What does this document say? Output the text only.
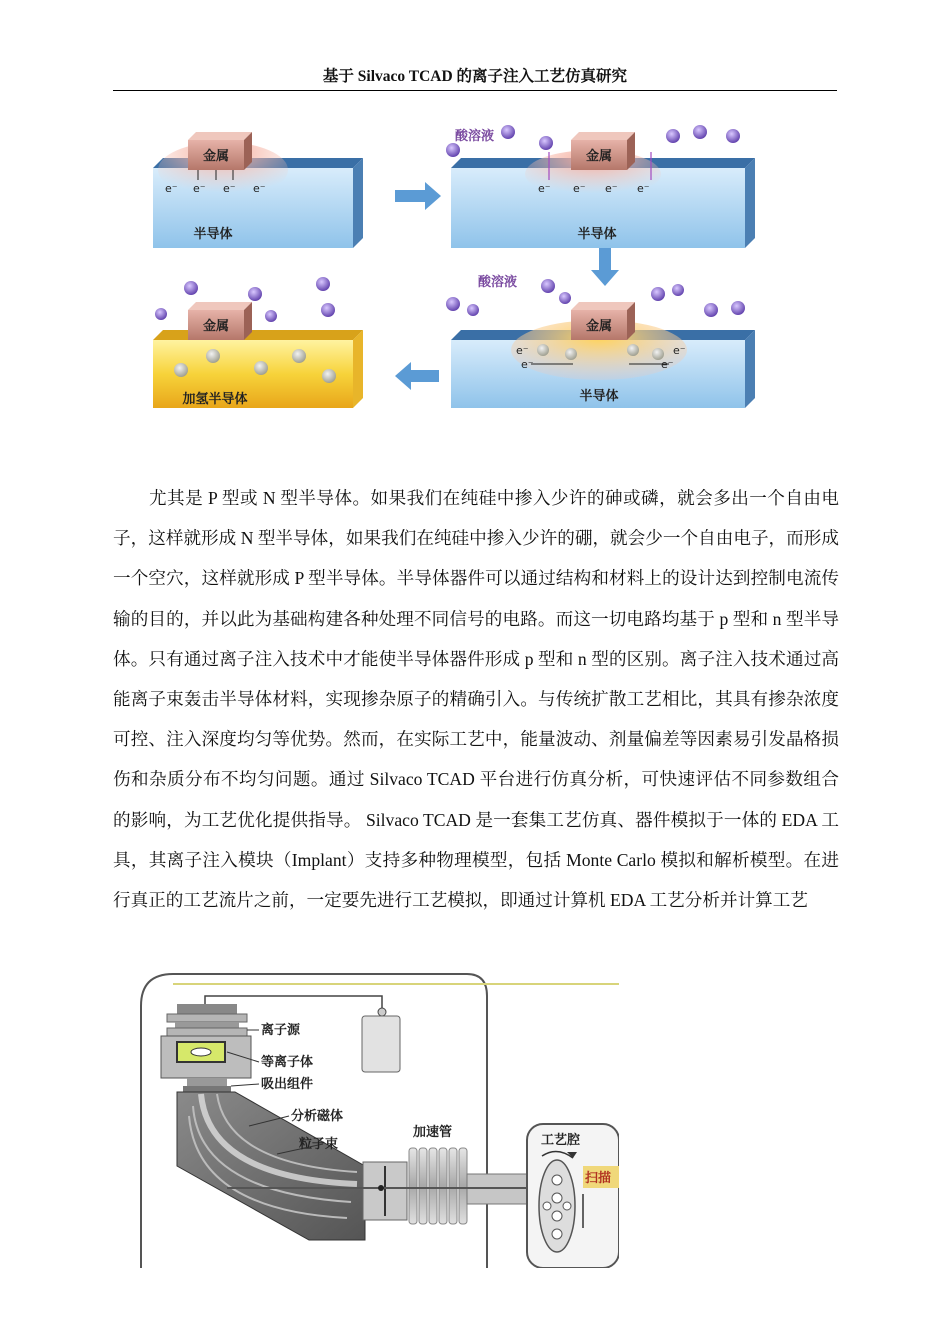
基于 Silvaco TCAD 的离子注入工艺仿真研究
金属
e⁻ e⁻ e⁻ e⁻
半导体
金属
酸溶液
e⁻ e⁻ e⁻ e⁻
半导体
金属
酸溶液
e⁻
e⁻
e⁻
e⁻
半导体
金属
加氢半导体

尤其是 P 型或 N 型半导体。如果我们在纯硅中掺入少许的砷或磷，就会多出一个自由电子，这样就形成 N 型半导体，如果我们在纯硅中掺入少许的硼，就会少一个自由电子，而形成一个空穴，这样就形成 P 型半导体。半导体器件可以通过结构和材料上的设计达到控制电流传输的目的，并以此为基础构建各种处理不同信号的电路。而这一切电路均基于 p 型和 n 型半导体。只有通过离子注入技术中才能使半导体器件形成 p 型和 n 型的区别。离子注入技术通过高能离子束轰击半导体材料，实现掺杂原子的精确引入。与传统扩散工艺相比，其具有掺杂浓度可控、注入深度均匀等优势。然而，在实际工艺中，能量波动、剂量偏差等因素易引发晶格损伤和杂质分布不均匀问题。通过 Silvaco TCAD 平台进行仿真分析，可快速评估不同参数组合的影响，为工艺优化提供指导。 Silvaco TCAD 是一套集工艺仿真、器件模拟于一体的 EDA 工具，其离子注入模块（Implant）支持多种物理模型，包括 Monte Carlo 模拟和解析模型。在进行真正的工艺流片之前，一定要先进行工艺模拟，即通过计算机 EDA 工艺分析并计算工艺

离子源
等离子体
吸出组件
分析磁体
粒子束
加速管
工艺腔
扫描
